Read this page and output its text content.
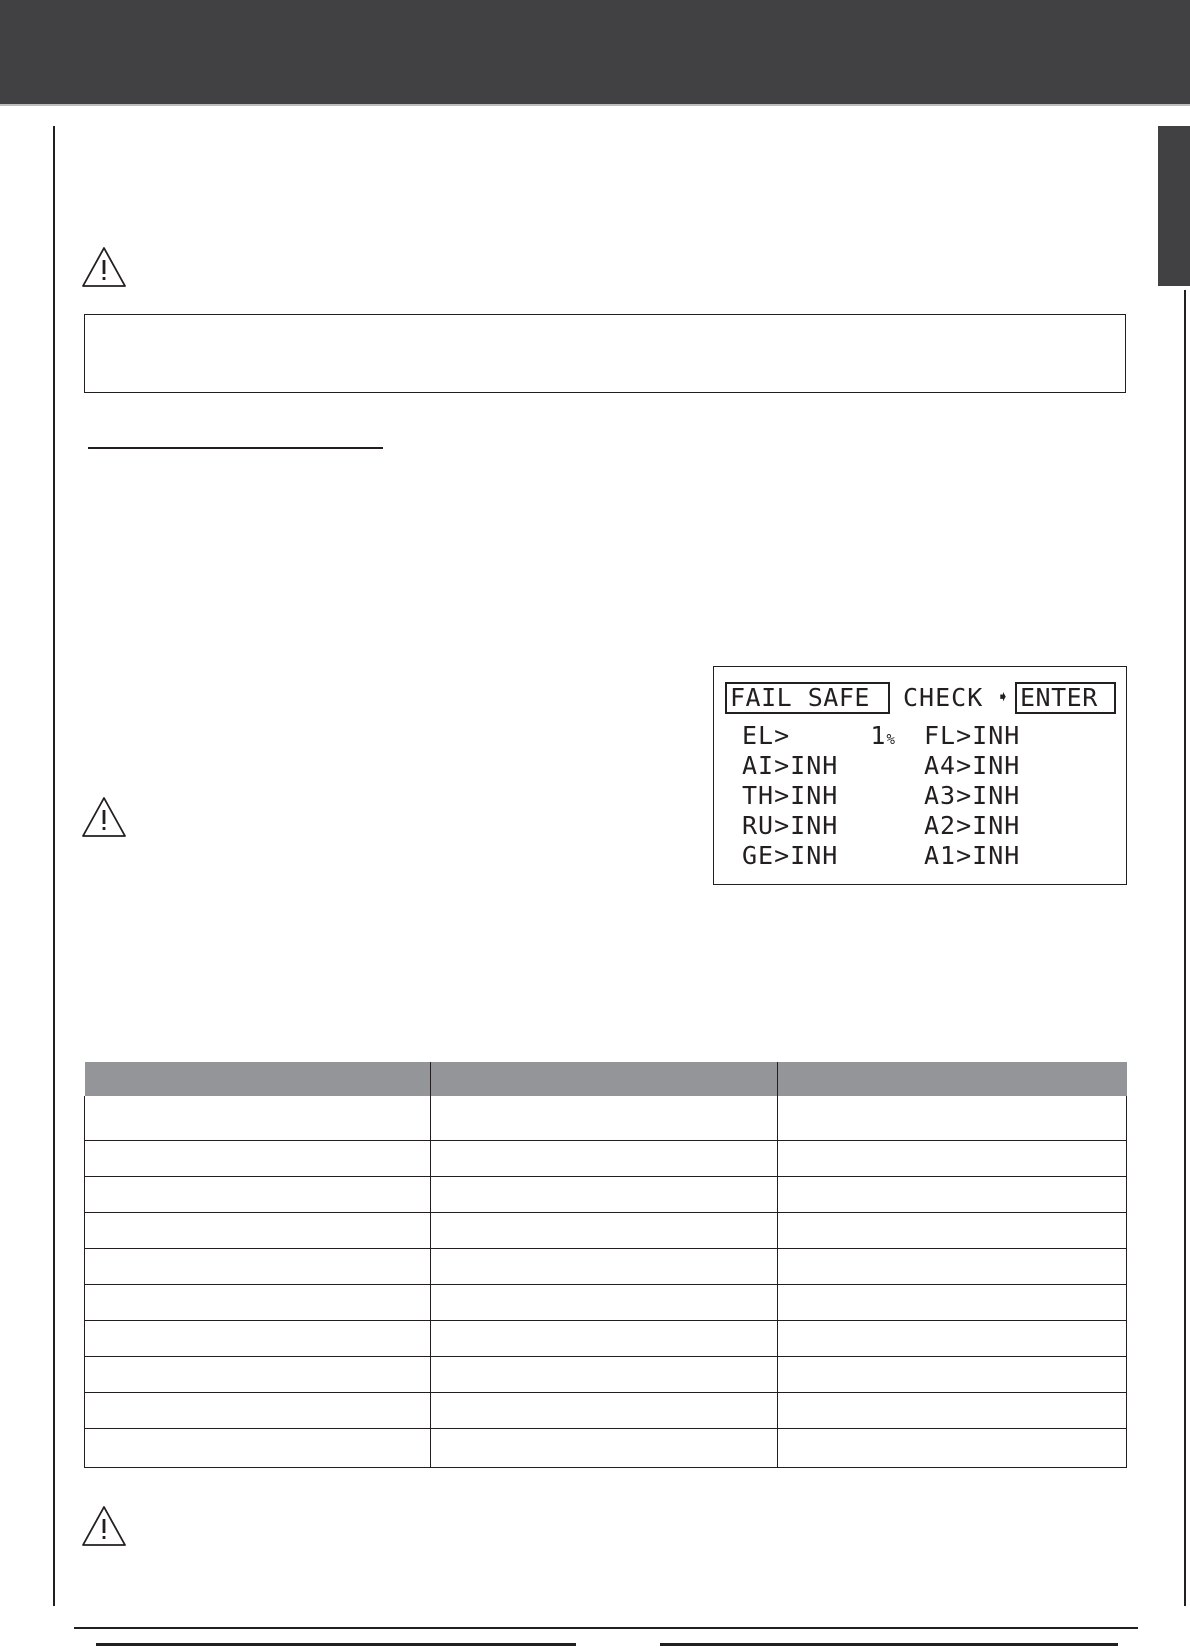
FAIL SAFE	CHECK ➧ ENTER
EL>     1% FL>INH
AI>INH	A4>INH
TH>INH	A3>INH
RU>INH	A2>INH
GE>INH	A1>INH
